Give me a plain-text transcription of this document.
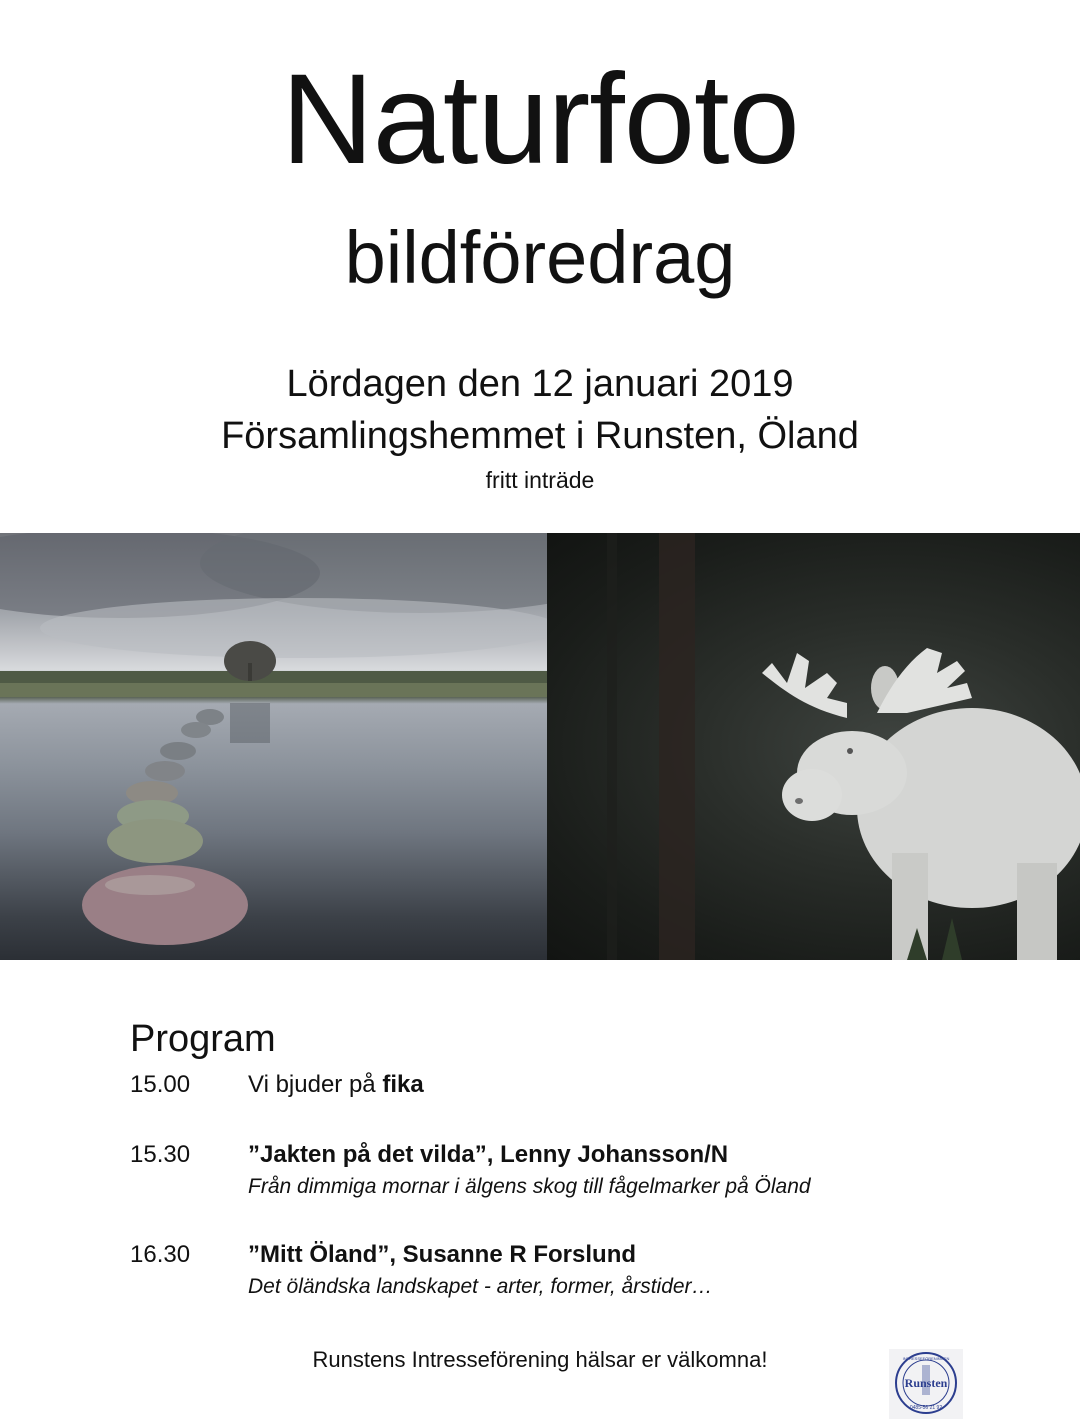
Naturfoto
bildföredrag
Lördagen den 12 januari 2019
Församlingshemmet i Runsten, Öland
fritt inträde
Program
15.00 Vi bjuder på fika
15.30 ”Jakten på det vilda”, Lenny Johansson/N
Från dimmiga mornar i älgens skog till fågelmarker på Öland
16.30 ”Mitt Öland”, Susanne R Forslund
Det öländska landskapet - arter, former, årstider…
Runstens Intresseförening hälsar er välkomna!
Runsten
0485-56 21 92
INTRESSEFÖRENINGEN
